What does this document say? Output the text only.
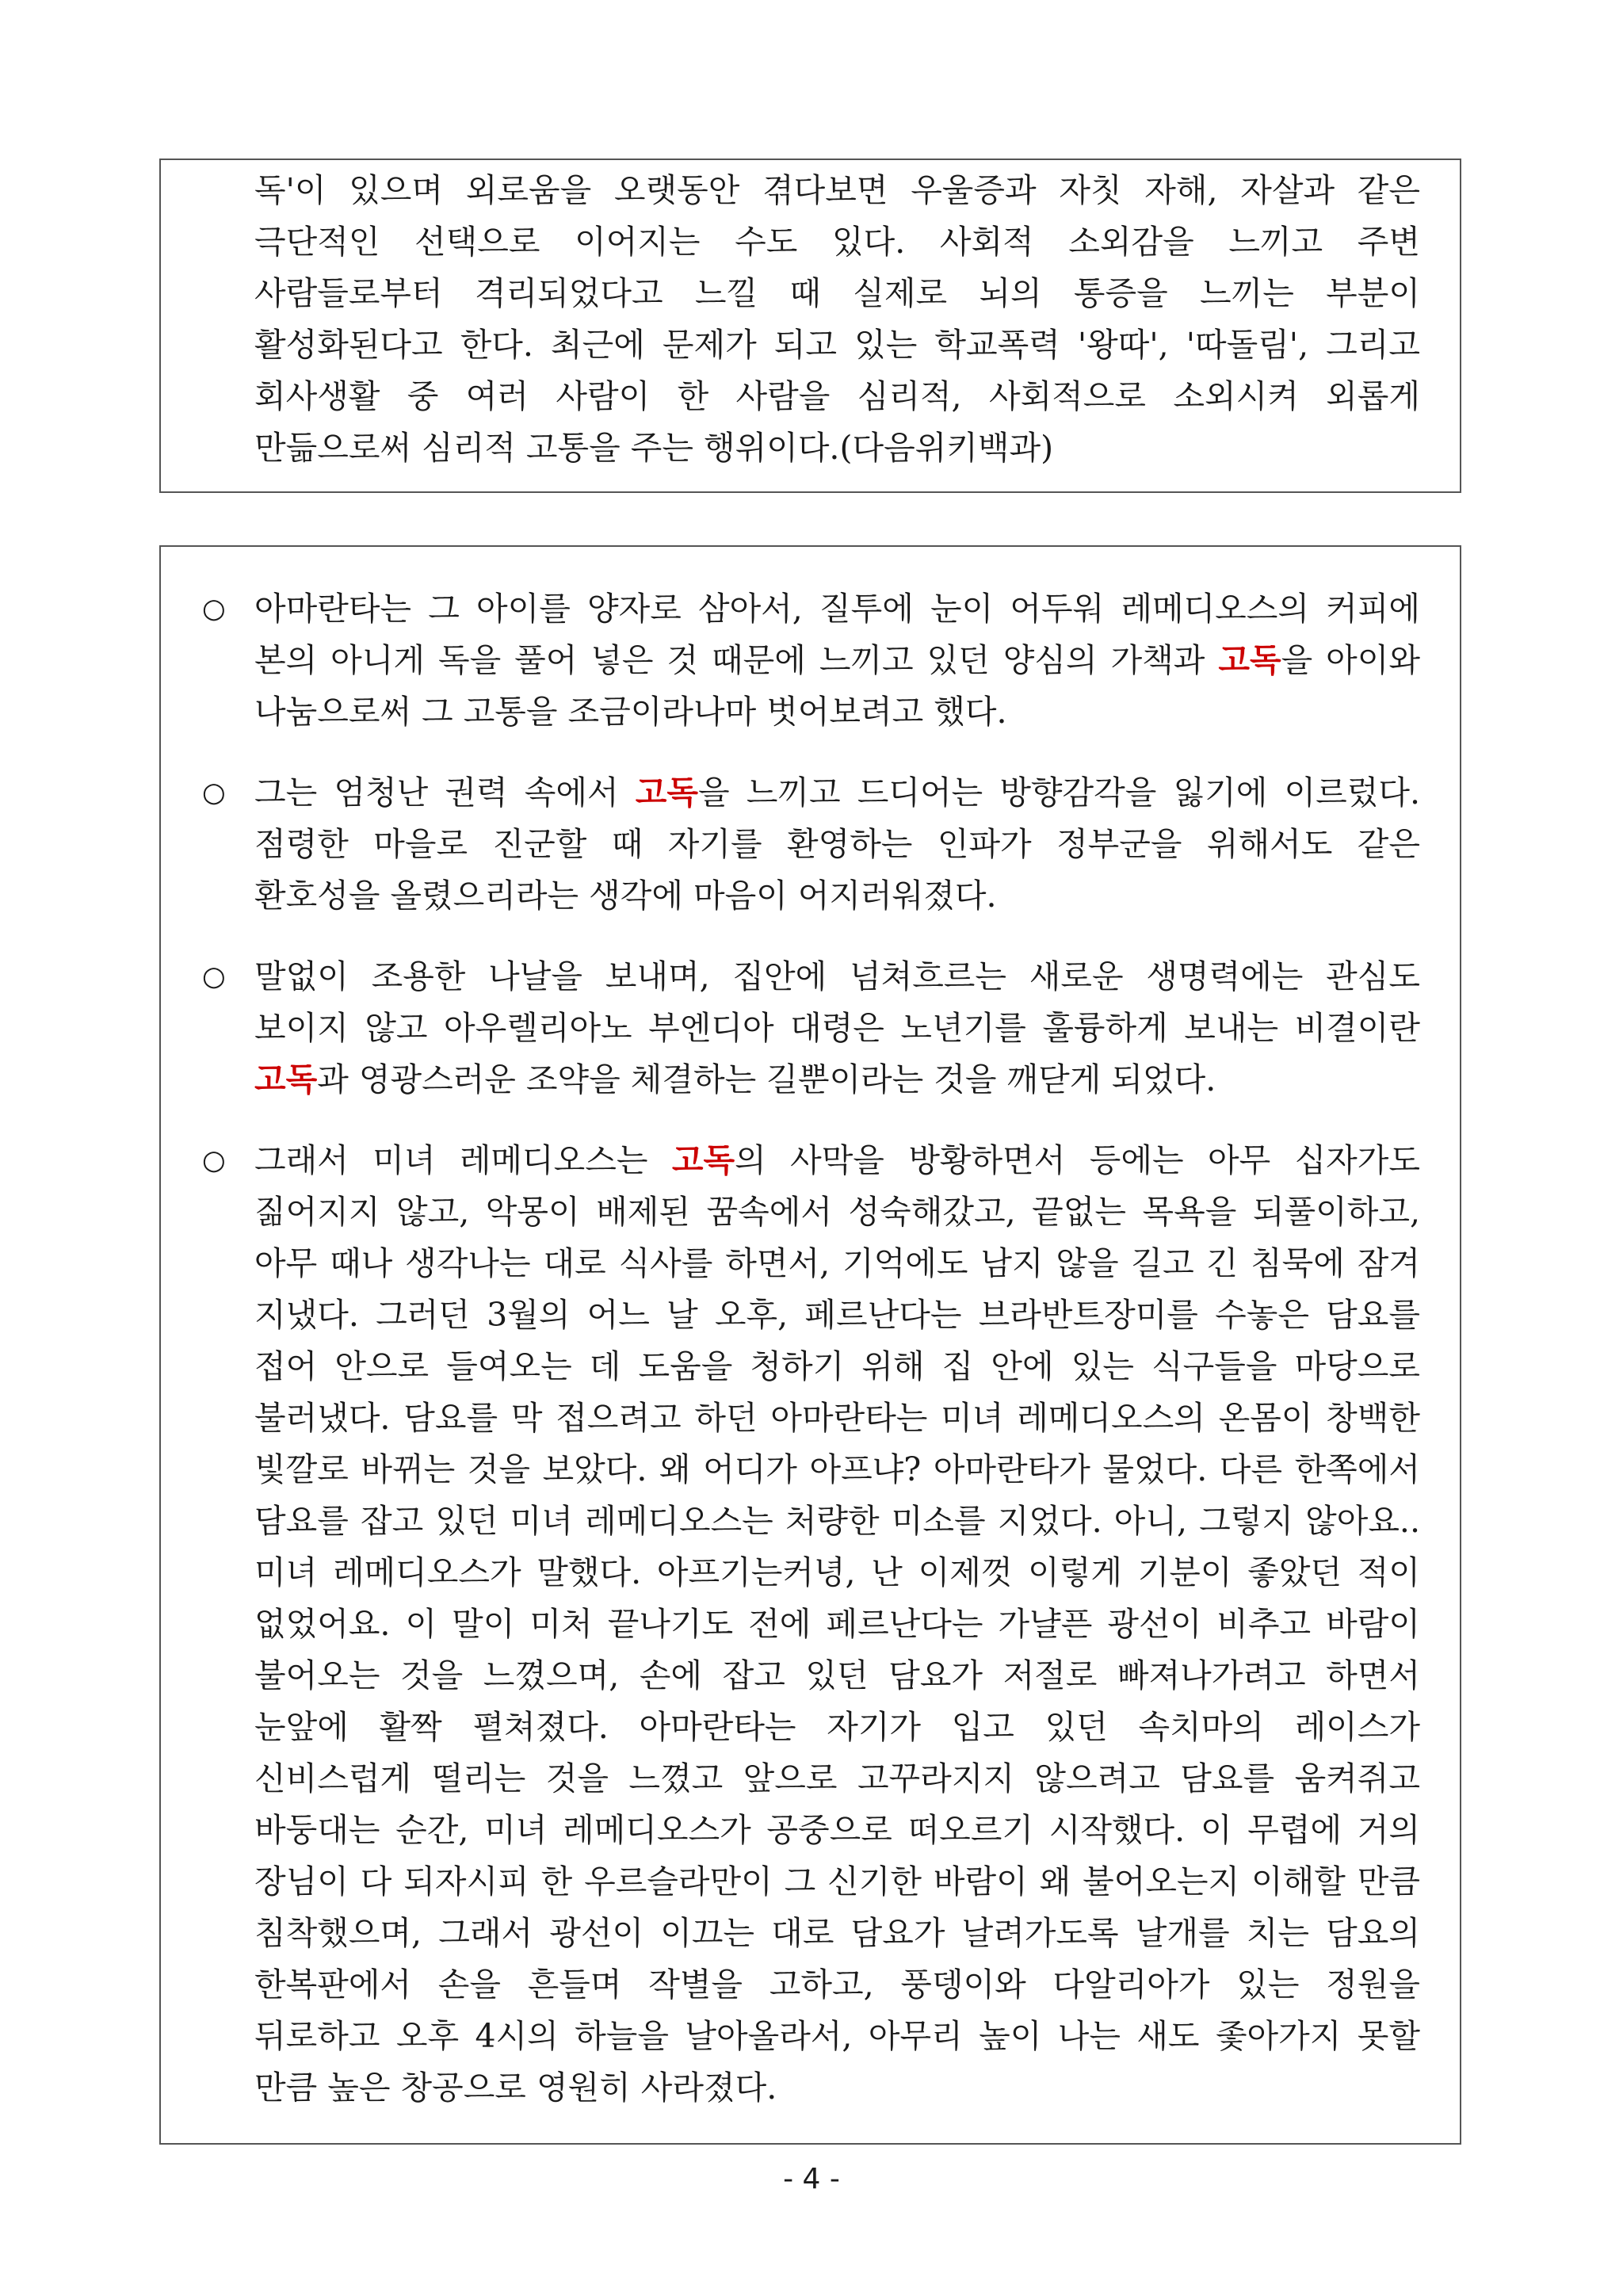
독'이 있으며 외로움을 오랫동안 겪다보면 우울증과 자칫 자해, 자살과 같은 극단적인 선택으로 이어지는 수도 있다. 사회적 소외감을 느끼고 주변 사람들로부터 격리되었다고 느낄 때 실제로 뇌의 통증을 느끼는 부분이 활성화된다고 한다. 최근에 문제가 되고 있는 학교폭력 '왕따', '따돌림', 그리고 회사생활 중 여러 사람이 한 사람을 심리적, 사회적으로 소외시켜 외롭게 만듦으로써 심리적 고통을 주는 행위이다.(다음위키백과)

○ 아마란타는 그 아이를 양자로 삼아서, 질투에 눈이 어두워 레메디오스의 커피에 본의 아니게 독을 풀어 넣은 것 때문에 느끼고 있던 양심의 가책과 고독을 아이와 나눔으로써 그 고통을 조금이라나마 벗어보려고 했다.

○ 그는 엄청난 권력 속에서 고독을 느끼고 드디어는 방향감각을 잃기에 이르렀다. 점령한 마을로 진군할 때 자기를 환영하는 인파가 정부군을 위해서도 같은 환호성을 올렸으리라는 생각에 마음이 어지러워졌다.

○ 말없이 조용한 나날을 보내며, 집안에 넘쳐흐르는 새로운 생명력에는 관심도 보이지 않고 아우렐리아노 부엔디아 대령은 노년기를 훌륭하게 보내는 비결이란 고독과 영광스러운 조약을 체결하는 길뿐이라는 것을 깨닫게 되었다.

○ 그래서 미녀 레메디오스는 고독의 사막을 방황하면서 등에는 아무 십자가도 짊어지지 않고, 악몽이 배제된 꿈속에서 성숙해갔고, 끝없는 목욕을 되풀이하고, 아무 때나 생각나는 대로 식사를 하면서, 기억에도 남지 않을 길고 긴 침묵에 잠겨 지냈다. 그러던 3월의 어느 날 오후, 페르난다는 브라반트장미를 수놓은 담요를 접어 안으로 들여오는 데 도움을 청하기 위해 집 안에 있는 식구들을 마당으로 불러냈다. 담요를 막 접으려고 하던 아마란타는 미녀 레메디오스의 온몸이 창백한 빛깔로 바뀌는 것을 보았다. 왜 어디가 아프냐? 아마란타가 물었다. 다른 한쪽에서 담요를 잡고 있던 미녀 레메디오스는 처량한 미소를 지었다. 아니, 그렇지 않아요.. 미녀 레메디오스가 말했다. 아프기는커녕, 난 이제껏 이렇게 기분이 좋았던 적이 없었어요. 이 말이 미처 끝나기도 전에 페르난다는 가냘픈 광선이 비추고 바람이 불어오는 것을 느꼈으며, 손에 잡고 있던 담요가 저절로 빠져나가려고 하면서 눈앞에 활짝 펼쳐졌다. 아마란타는 자기가 입고 있던 속치마의 레이스가 신비스럽게 떨리는 것을 느꼈고 앞으로 고꾸라지지 않으려고 담요를 움켜쥐고 바둥대는 순간, 미녀 레메디오스가 공중으로 떠오르기 시작했다. 이 무렵에 거의 장님이 다 되자시피 한 우르슬라만이 그 신기한 바람이 왜 불어오는지 이해할 만큼 침착했으며, 그래서 광선이 이끄는 대로 담요가 날려가도록 날개를 치는 담요의 한복판에서 손을 흔들며 작별을 고하고, 풍뎅이와 다알리아가 있는 정원을 뒤로하고 오후 4시의 하늘을 날아올라서, 아무리 높이 나는 새도 좇아가지 못할 만큼 높은 창공으로 영원히 사라졌다.

- 4 -
